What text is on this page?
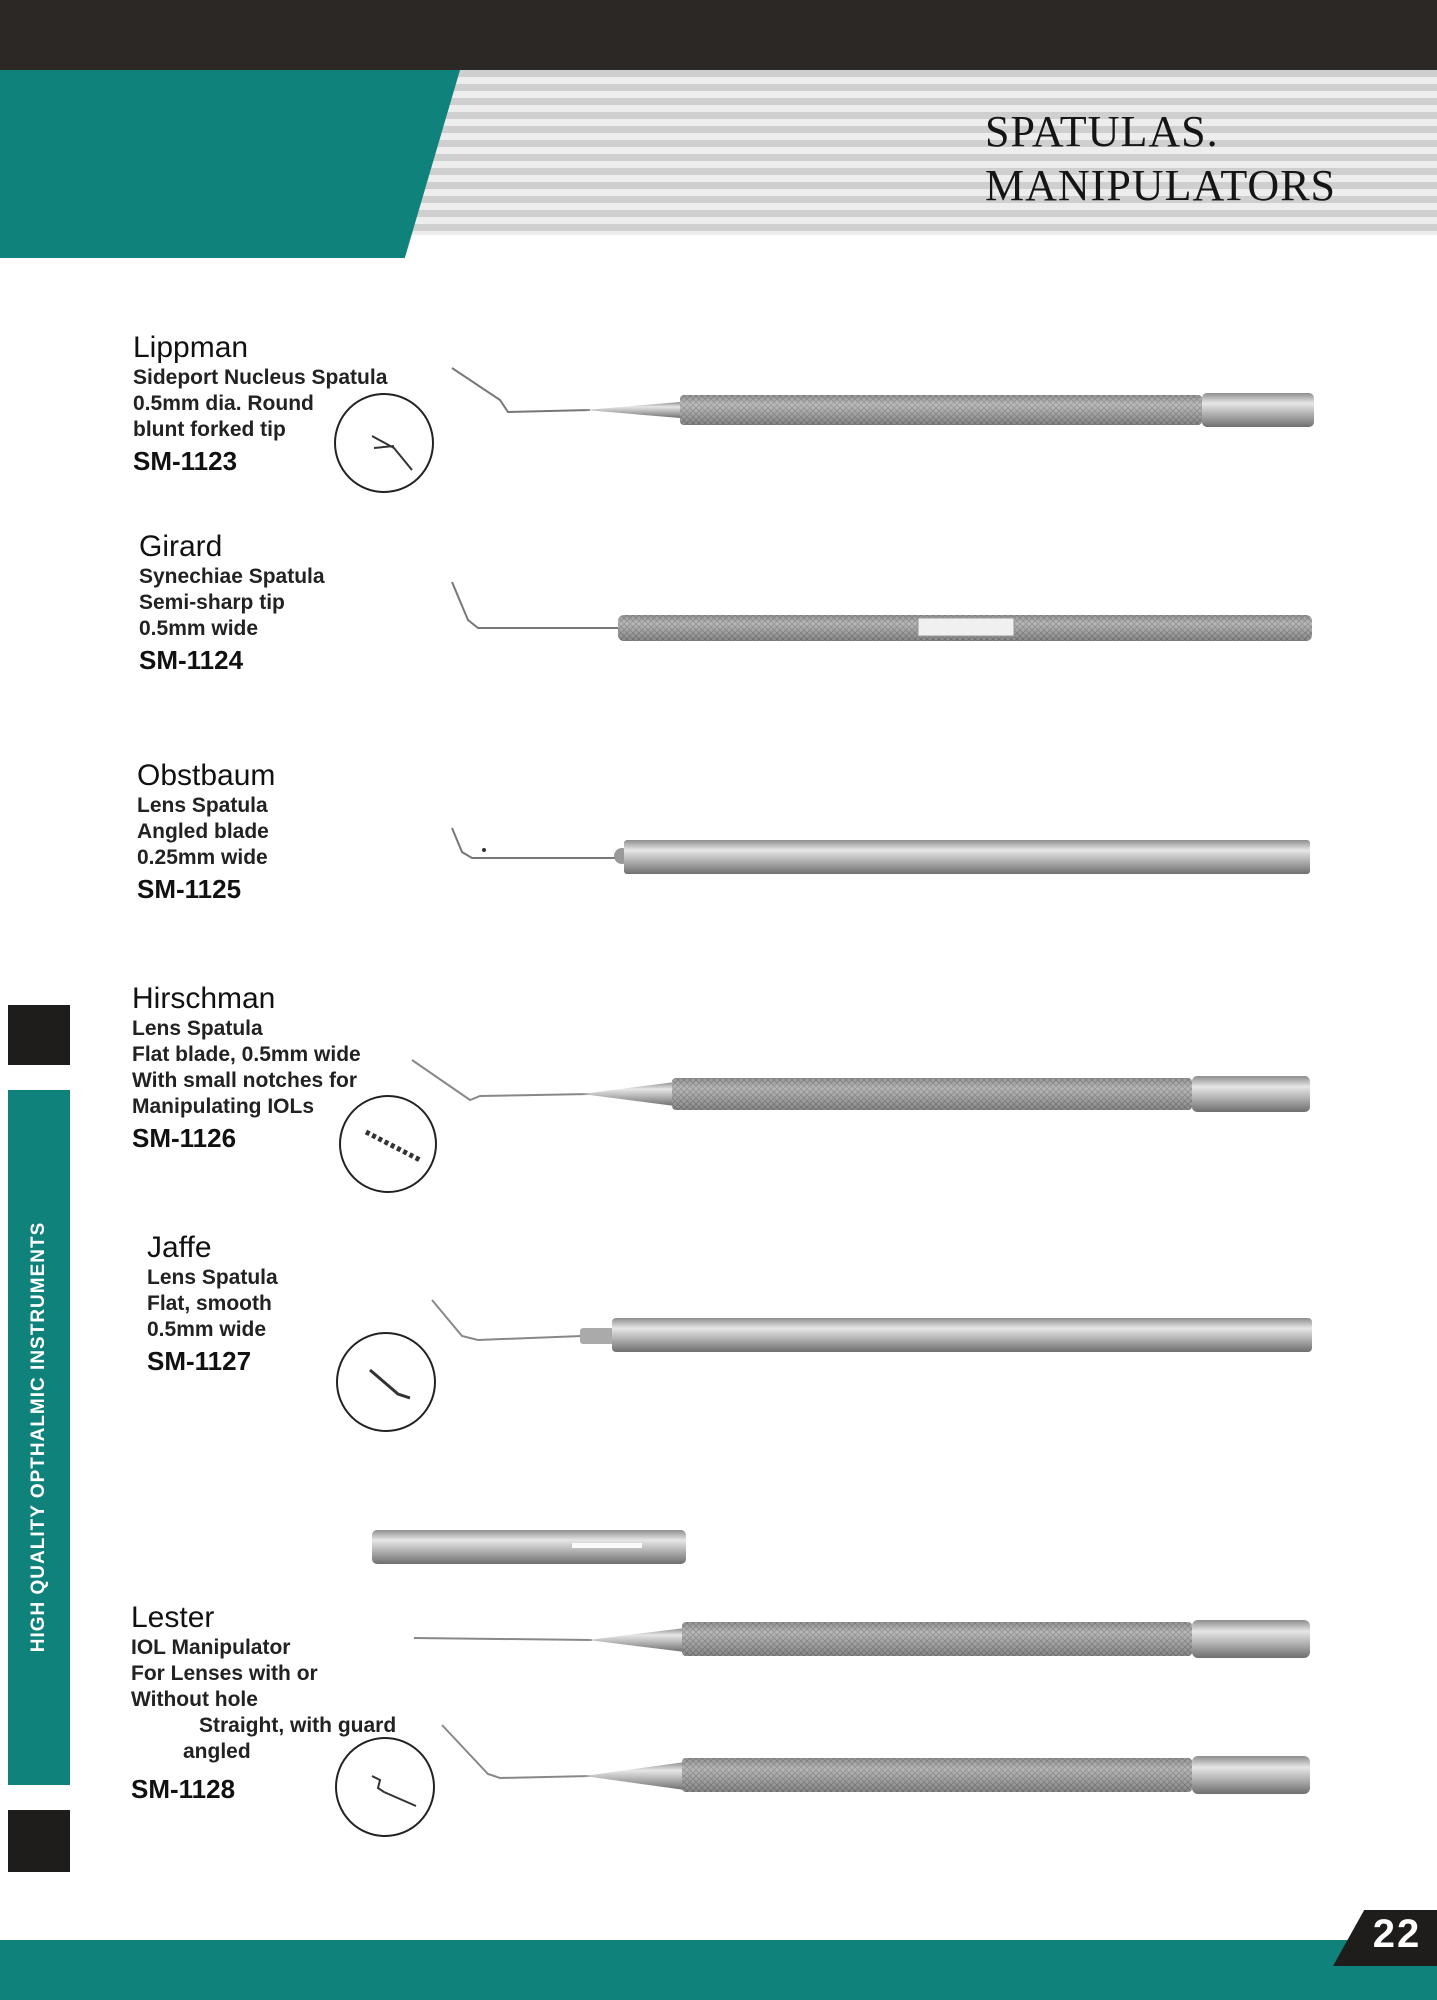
SPATULAS.
MANIPULATORS
HIGH QUALITY OPTHALMIC INSTRUMENTS
Lippman
Sideport Nucleus Spatula
0.5mm dia. Round
blunt forked tip
SM-1123
Girard
Synechiae Spatula
Semi-sharp tip
0.5mm wide
SM-1124
Obstbaum
Lens Spatula
Angled blade
0.25mm wide
SM-1125
Hirschman
Lens Spatula
Flat blade, 0.5mm wide
With small notches for
Manipulating IOLs
SM-1126
Jaffe
Lens Spatula
Flat, smooth
0.5mm wide
SM-1127
Lester
IOL Manipulator
For Lenses with or
Without hole
Straight, with guard
angled
SM-1128
22
